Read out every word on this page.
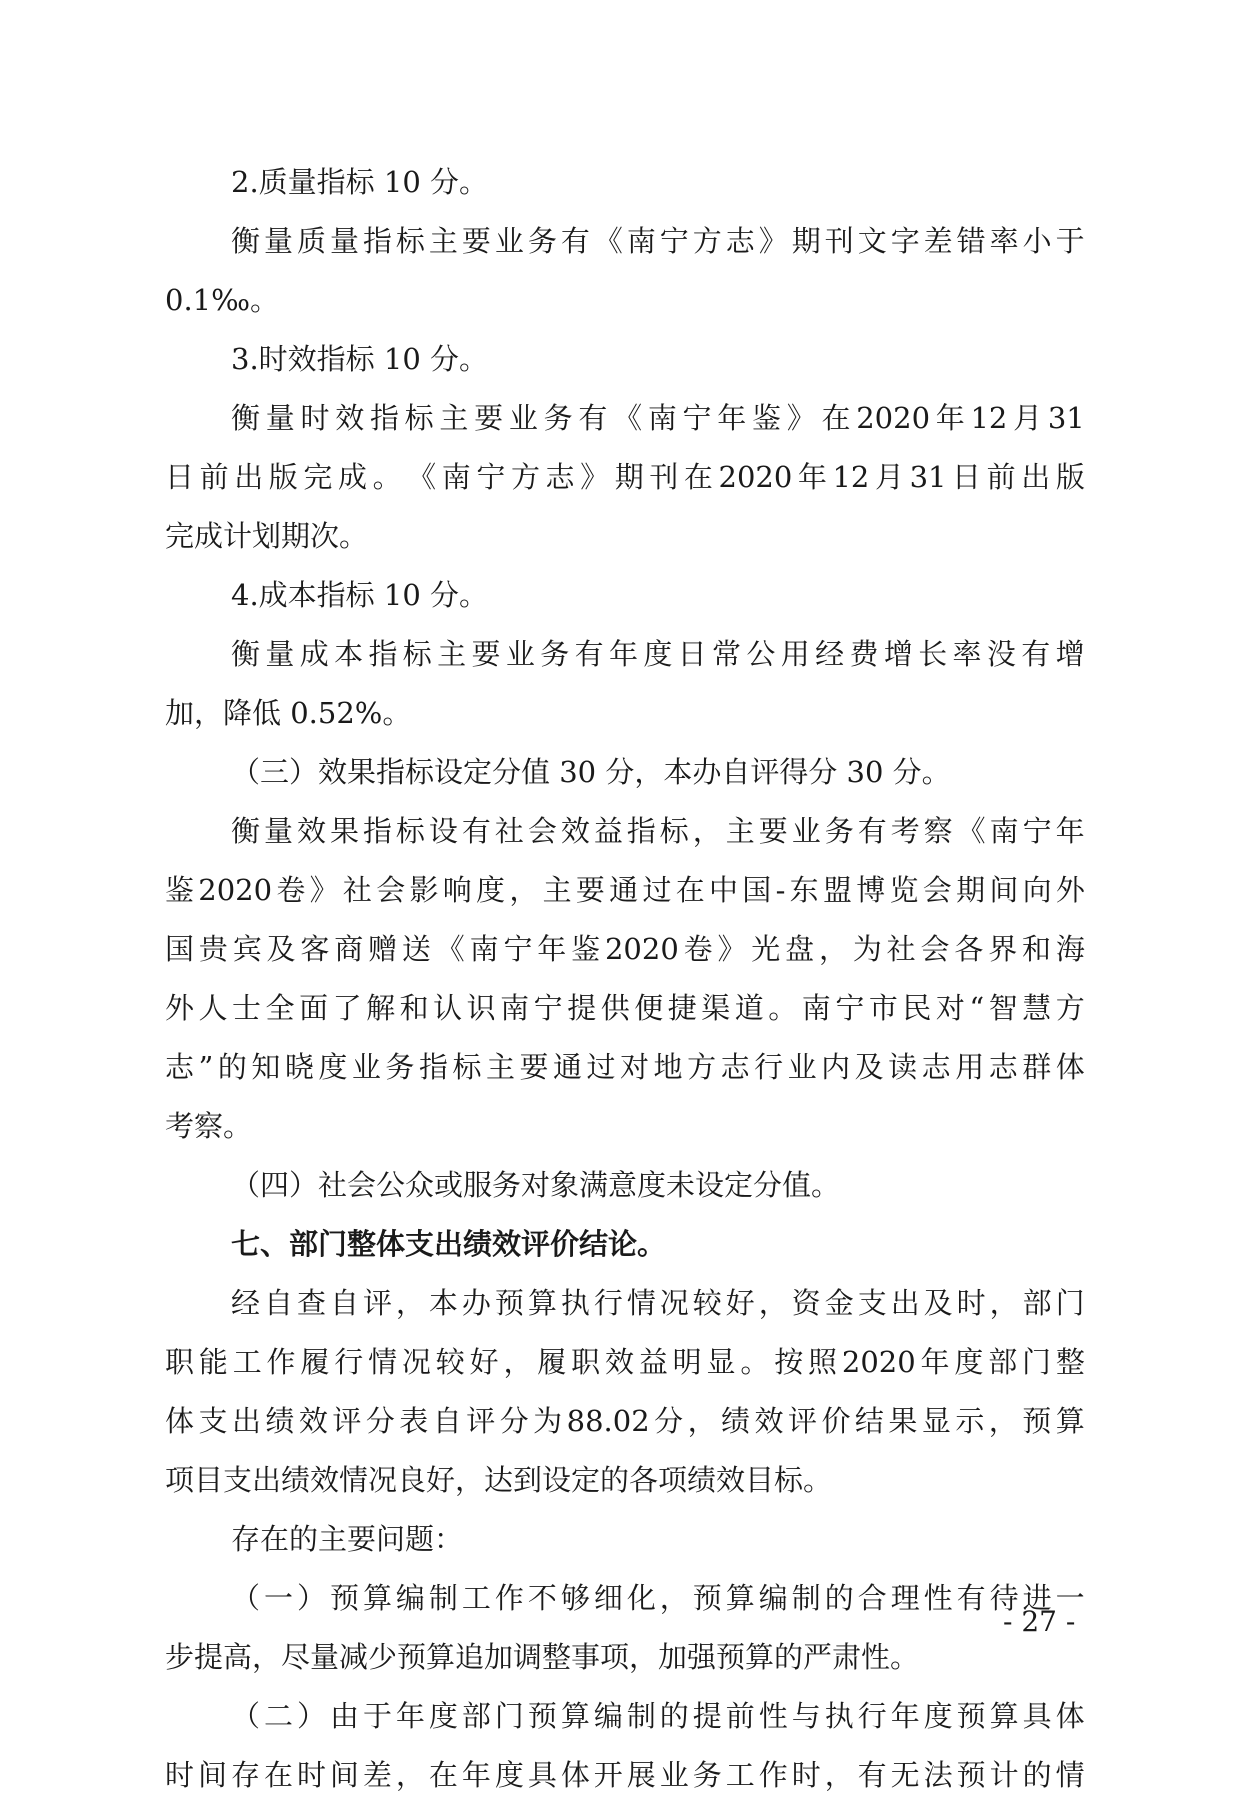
2.质量指标 10 分。
衡 量 质 量 指 标 主 要 业 务 有 《 南 宁 方 志 》 期 刊 文 字 差 错 率 小 于
0.1‰。
3.时效指标 10 分。
衡 量 时 效 指 标 主 要 业 务 有 《 南 宁 年 鉴 》 在 2020 年 12 月 31
日 前 出 版 完 成 。 《 南 宁 方 志 》 期 刊 在 2020 年 12 月 31 日 前 出 版
完成计划期次。
4.成本指标 10 分。
衡 量 成 本 指 标 主 要 业 务 有 年 度 日 常 公 用 经 费 增 长 率 没 有 增
加，降低 0.52%。
（三）效果指标设定分值 30 分，本办自评得分 30 分。
衡 量 效 果 指 标 设 有 社 会 效 益 指 标 ， 主 要 业 务 有 考 察 《 南 宁 年
鉴 2020 卷 》 社 会 影 响 度 ， 主 要 通 过 在 中 国 - 东 盟 博 览 会 期 间 向 外
国 贵 宾 及 客 商 赠 送 《 南 宁 年 鉴 2020 卷 》 光 盘 ， 为 社 会 各 界 和 海
外 人 士 全 面 了 解 和 认 识 南 宁 提 供 便 捷 渠 道 。 南 宁 市 民 对 “ 智 慧 方
志 ” 的 知 晓 度 业 务 指 标 主 要 通 过 对 地 方 志 行 业 内 及 读 志 用 志 群 体
考察。
（四）社会公众或服务对象满意度未设定分值。
七、部门整体支出绩效评价结论。
经 自 查 自 评 ， 本 办 预 算 执 行 情 况 较 好 ， 资 金 支 出 及 时 ， 部 门
职 能 工 作 履 行 情 况 较 好 ， 履 职 效 益 明 显 。 按 照 2020 年 度 部 门 整
体 支 出 绩 效 评 分 表 自 评 分 为 88.02 分 ， 绩 效 评 价 结 果 显 示 ， 预 算
项目支出绩效情况良好，达到设定的各项绩效目标。
存在的主要问题：
（ 一 ） 预 算 编 制 工 作 不 够 细 化 ， 预 算 编 制 的 合 理 性 有 待 进 一
步提高，尽量减少预算追加调整事项，加强预算的严肃性。
（ 二 ） 由 于 年 度 部 门 预 算 编 制 的 提 前 性 与 执 行 年 度 预 算 具 体
时 间 存 在 时 间 差 ， 在 年 度 具 体 开 展 业 务 工 作 时 ， 有 无 法 预 计 的 情
- 27 -
